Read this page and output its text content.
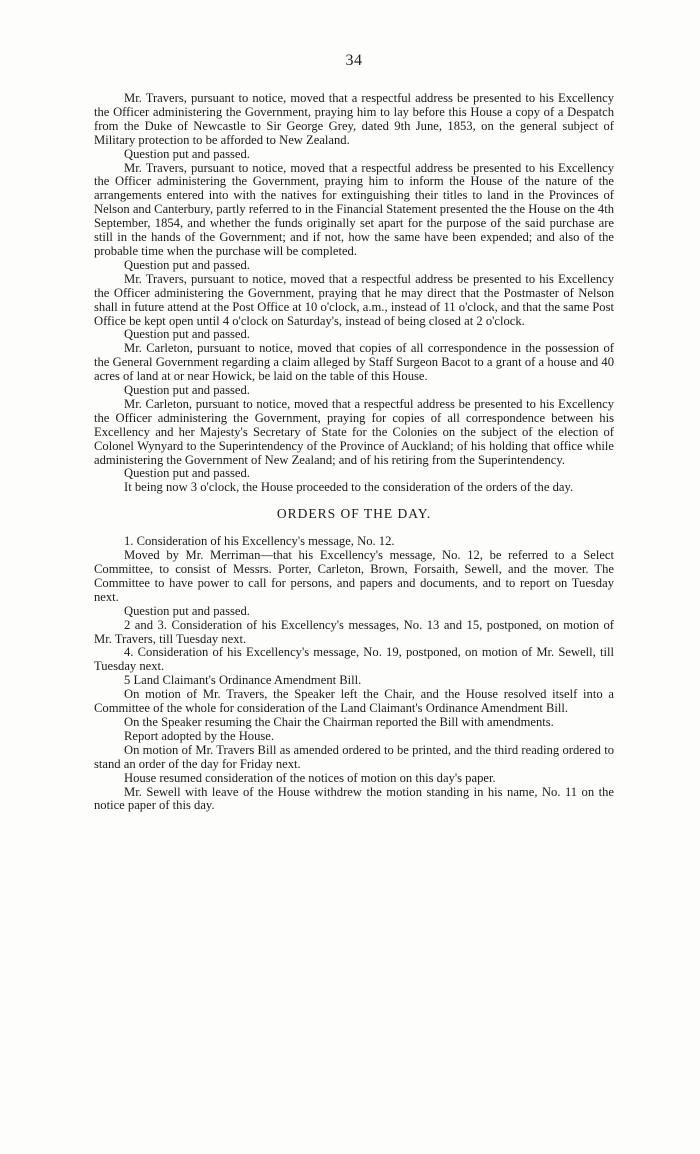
34

Mr. Travers, pursuant to notice, moved that a respectful address be presented to his Excellency the Officer administering the Government, praying him to lay before this House a copy of a Despatch from the Duke of Newcastle to Sir George Grey, dated 9th June, 1853, on the general subject of Military protection to be afforded to New Zealand.

Question put and passed.

Mr. Travers, pursuant to notice, moved that a respectful address be presented to his Excellency the Officer administering the Government, praying him to inform the House of the nature of the arrangements entered into with the natives for extinguishing their titles to land in the Provinces of Nelson and Canterbury, partly referred to in the Financial Statement presented the the House on the 4th September, 1854, and whether the funds originally set apart for the purpose of the said purchase are still in the hands of the Government; and if not, how the same have been expended; and also of the probable time when the purchase will be completed.

Question put and passed.

Mr. Travers, pursuant to notice, moved that a respectful address be presented to his Excellency the Officer administering the Government, praying that he may direct that the Postmaster of Nelson shall in future attend at the Post Office at 10 o'clock, a.m., instead of 11 o'clock, and that the same Post Office be kept open until 4 o'clock on Saturday's, instead of being closed at 2 o'clock.

Question put and passed.

Mr. Carleton, pursuant to notice, moved that copies of all correspondence in the possession of the General Government regarding a claim alleged by Staff Surgeon Bacot to a grant of a house and 40 acres of land at or near Howick, be laid on the table of this House.

Question put and passed.

Mr. Carleton, pursuant to notice, moved that a respectful address be presented to his Excellency the Officer administering the Government, praying for copies of all correspondence between his Excellency and her Majesty's Secretary of State for the Colonies on the subject of the election of Colonel Wynyard to the Superintendency of the Province of Auckland; of his holding that office while administering the Government of New Zealand; and of his retiring from the Superintendency.

Question put and passed.

It being now 3 o'clock, the House proceeded to the consideration of the orders of the day.

ORDERS OF THE DAY.

1. Consideration of his Excellency's message, No. 12.

Moved by Mr. Merriman—that his Excellency's message, No. 12, be referred to a Select Committee, to consist of Messrs. Porter, Carleton, Brown, Forsaith, Sewell, and the mover. The Committee to have power to call for persons, and papers and documents, and to report on Tuesday next.

Question put and passed.

2 and 3. Consideration of his Excellency's messages, No. 13 and 15, postponed, on motion of Mr. Travers, till Tuesday next.

4. Consideration of his Excellency's message, No. 19, postponed, on motion of Mr. Sewell, till Tuesday next.

5 Land Claimant's Ordinance Amendment Bill.

On motion of Mr. Travers, the Speaker left the Chair, and the House resolved itself into a Committee of the whole for consideration of the Land Claimant's Ordinance Amendment Bill.

On the Speaker resuming the Chair the Chairman reported the Bill with amendments.

Report adopted by the House.

On motion of Mr. Travers Bill as amended ordered to be printed, and the third reading ordered to stand an order of the day for Friday next.

House resumed consideration of the notices of motion on this day's paper.

Mr. Sewell with leave of the House withdrew the motion standing in his name, No. 11 on the notice paper of this day.
